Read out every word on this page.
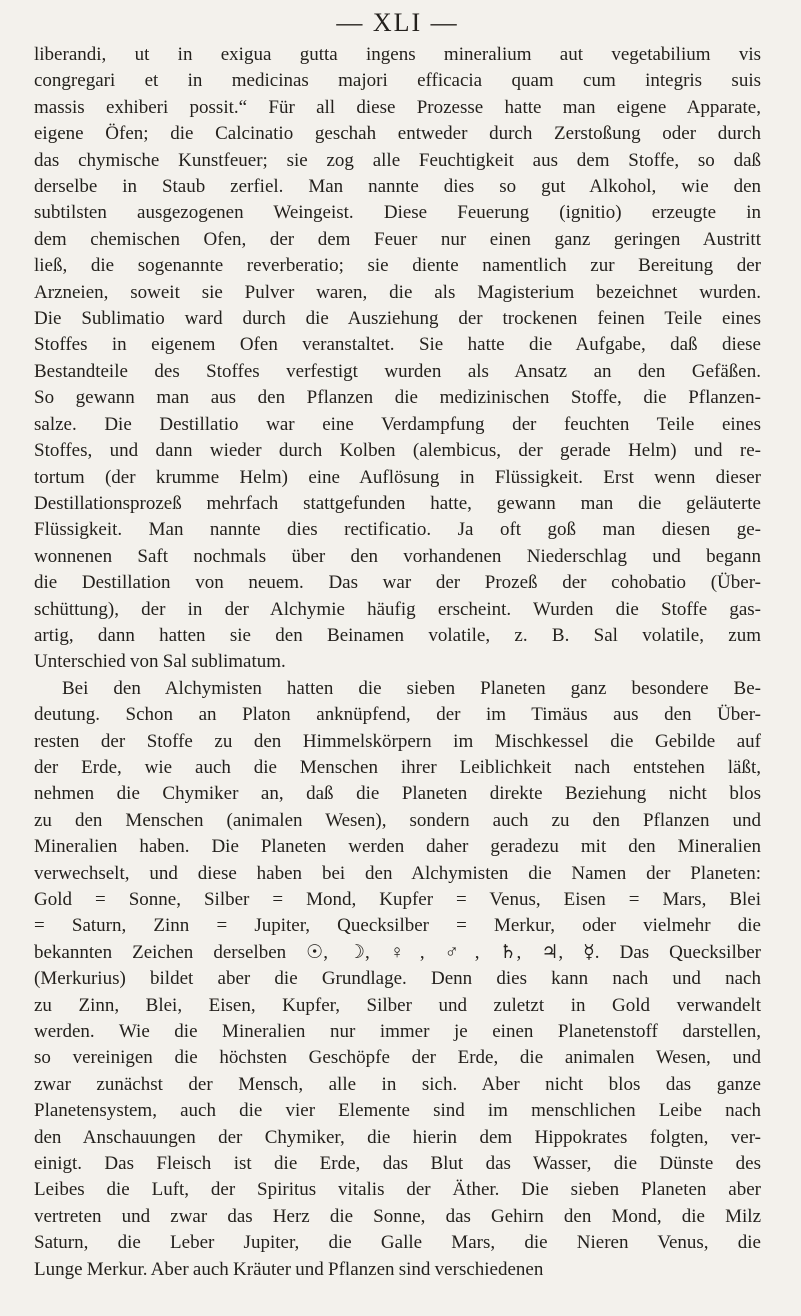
— XLI —
liberandi, ut in exigua gutta ingens mineralium aut vegetabilium vis
congregari et in medicinas majori efficacia quam cum integris suis
massis exhiberi possit.“ Für all diese Prozesse hatte man eigene Apparate,
eigene Öfen; die Calcinatio geschah entweder durch Zerstoßung oder durch
das chymische Kunstfeuer; sie zog alle Feuchtigkeit aus dem Stoffe, so daß
derselbe in Staub zerfiel. Man nannte dies so gut Alkohol, wie den
subtilsten ausgezogenen Weingeist. Diese Feuerung (ignitio) erzeugte in
dem chemischen Ofen, der dem Feuer nur einen ganz geringen Austritt
ließ, die sogenannte reverberatio; sie diente namentlich zur Bereitung der
Arzneien, soweit sie Pulver waren, die als Magisterium bezeichnet wurden.
Die Sublimatio ward durch die Ausziehung der trockenen feinen Teile eines
Stoffes in eigenem Ofen veranstaltet. Sie hatte die Aufgabe, daß diese
Bestandteile des Stoffes verfestigt wurden als Ansatz an den Gefäßen.
So gewann man aus den Pflanzen die medizinischen Stoffe, die Pflanzen-
salze. Die Destillatio war eine Verdampfung der feuchten Teile eines
Stoffes, und dann wieder durch Kolben (alembicus, der gerade Helm) und re-
tortum (der krumme Helm) eine Auflösung in Flüssigkeit. Erst wenn dieser
Destillationsprozeß mehrfach stattgefunden hatte, gewann man die geläuterte
Flüssigkeit. Man nannte dies rectificatio. Ja oft goß man diesen ge-
wonnenen Saft nochmals über den vorhandenen Niederschlag und begann
die Destillation von neuem. Das war der Prozeß der cohobatio (Über-
schüttung), der in der Alchymie häufig erscheint. Wurden die Stoffe gas-
artig, dann hatten sie den Beinamen volatile, z. B. Sal volatile, zum
Unterschied von Sal sublimatum.
Bei den Alchymisten hatten die sieben Planeten ganz besondere Be-
deutung. Schon an Platon anknüpfend, der im Timäus aus den Über-
resten der Stoffe zu den Himmelskörpern im Mischkessel die Gebilde auf
der Erde, wie auch die Menschen ihrer Leiblichkeit nach entstehen läßt,
nehmen die Chymiker an, daß die Planeten direkte Beziehung nicht blos
zu den Menschen (animalen Wesen), sondern auch zu den Pflanzen und
Mineralien haben. Die Planeten werden daher geradezu mit den Mineralien
verwechselt, und diese haben bei den Alchymisten die Namen der Planeten:
Gold = Sonne, Silber = Mond, Kupfer = Venus, Eisen = Mars, Blei
= Saturn, Zinn = Jupiter, Quecksilber = Merkur, oder vielmehr die
bekannten Zeichen derselben ☉, ☽, ♀, ♂, ♄, ♃, ☿. Das Quecksilber
(Merkurius) bildet aber die Grundlage. Denn dies kann nach und nach
zu Zinn, Blei, Eisen, Kupfer, Silber und zuletzt in Gold verwandelt
werden. Wie die Mineralien nur immer je einen Planetenstoff darstellen,
so vereinigen die höchsten Geschöpfe der Erde, die animalen Wesen, und
zwar zunächst der Mensch, alle in sich. Aber nicht blos das ganze
Planetensystem, auch die vier Elemente sind im menschlichen Leibe nach
den Anschauungen der Chymiker, die hierin dem Hippokrates folgten, ver-
einigt. Das Fleisch ist die Erde, das Blut das Wasser, die Dünste des
Leibes die Luft, der Spiritus vitalis der Äther. Die sieben Planeten aber
vertreten und zwar das Herz die Sonne, das Gehirn den Mond, die Milz
Saturn, die Leber Jupiter, die Galle Mars, die Nieren Venus, die
Lunge Merkur. Aber auch Kräuter und Pflanzen sind verschiedenen
